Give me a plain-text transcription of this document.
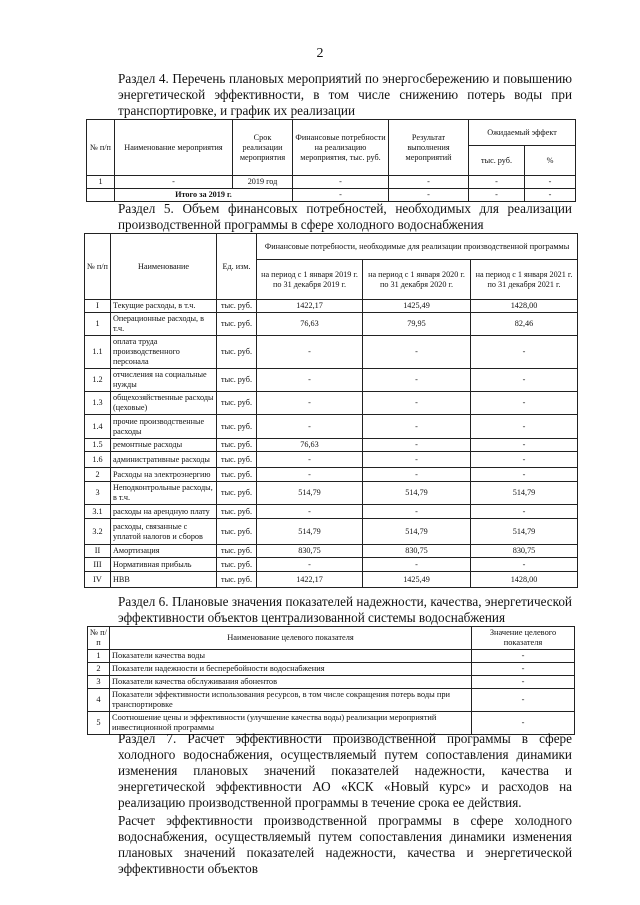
2
Раздел 4. Перечень плановых мероприятий по энергосбережению и повышению энергетической эффективности, в том числе снижению потерь воды при транспортировке, и график их реализации
№ п/п	Наименование мероприятия	Срок реализации мероприятия	Финансовые потребности на реализацию мероприятия, тыс. руб.	Результат выполнения мероприятий	Ожидаемый эффект	
					тыс. руб.	%
1	-	2019 год	-	-	-	-
	Итого за 2019 г.		-	-	-	-
Раздел 5. Объем финансовых потребностей, необходимых для реализации производственной программы в сфере холодного водоснабжения
№ п/п	Наименование	Ед. изм.	Финансовые потребности, необходимые для реализации производственной программы		
			на период с 1 января 2019 г. по 31 декабря 2019 г.	на период с 1 января 2020 г. по 31 декабря 2020 г.	на период с 1 января 2021 г. по 31 декабря 2021 г.
I	Текущие расходы, в т.ч.	тыс. руб.	1422,17	1425,49	1428,00
1	Операционные расходы, в т.ч.	тыс. руб.	76,63	79,95	82,46
1.1	оплата труда производственного персонала	тыс. руб.	-	-	-
1.2	отчисления на социальные нужды	тыс. руб.	-	-	-
1.3	общехозяйственные расходы (цеховые)	тыс. руб.	-	-	-
1.4	прочие производственные расходы	тыс. руб.	-	-	-
1.5	ремонтные расходы	тыс. руб.	76,63	-	-
1.6	административные расходы	тыс. руб.	-	-	-
2	Расходы на электроэнергию	тыс. руб.	-	-	-
3	Неподконтрольные расходы, в т.ч.	тыс. руб.	514,79	514,79	514,79
3.1	расходы на арендную плату	тыс. руб.	-	-	-
3.2	расходы, связанные с уплатой налогов и сборов	тыс. руб.	514,79	514,79	514,79
II	Амортизация	тыс. руб.	830,75	830,75	830,75
III	Нормативная прибыль	тыс. руб.	-	-	-
IV	НВВ	тыс. руб.	1422,17	1425,49	1428,00
Раздел 6. Плановые значения показателей надежности, качества, энергетической эффективности объектов централизованной системы водоснабжения
№ п/п	Наименование целевого показателя	Значение целевого показателя
1	Показатели качества воды	-
2	Показатели надежности и бесперебойности водоснабжения	-
3	Показатели качества обслуживания абонентов	-
4	Показатели эффективности использования ресурсов, в том числе сокращения потерь воды при транспортировке	-
5	Соотношение цены и эффективности (улучшение качества воды) реализации мероприятий инвестиционной программы	-
Раздел 7. Расчет эффективности производственной программы в сфере холодного водоснабжения, осуществляемый путем сопоставления динамики изменения плановых значений показателей надежности, качества и энергетической эффективности АО «КСК «Новый курс» и расходов на реализацию производственной программы в течение срока ее действия.
Расчет эффективности производственной программы в сфере холодного водоснабжения, осуществляемый путем сопоставления динамики изменения плановых значений показателей надежности, качества и энергетической эффективности объектов
